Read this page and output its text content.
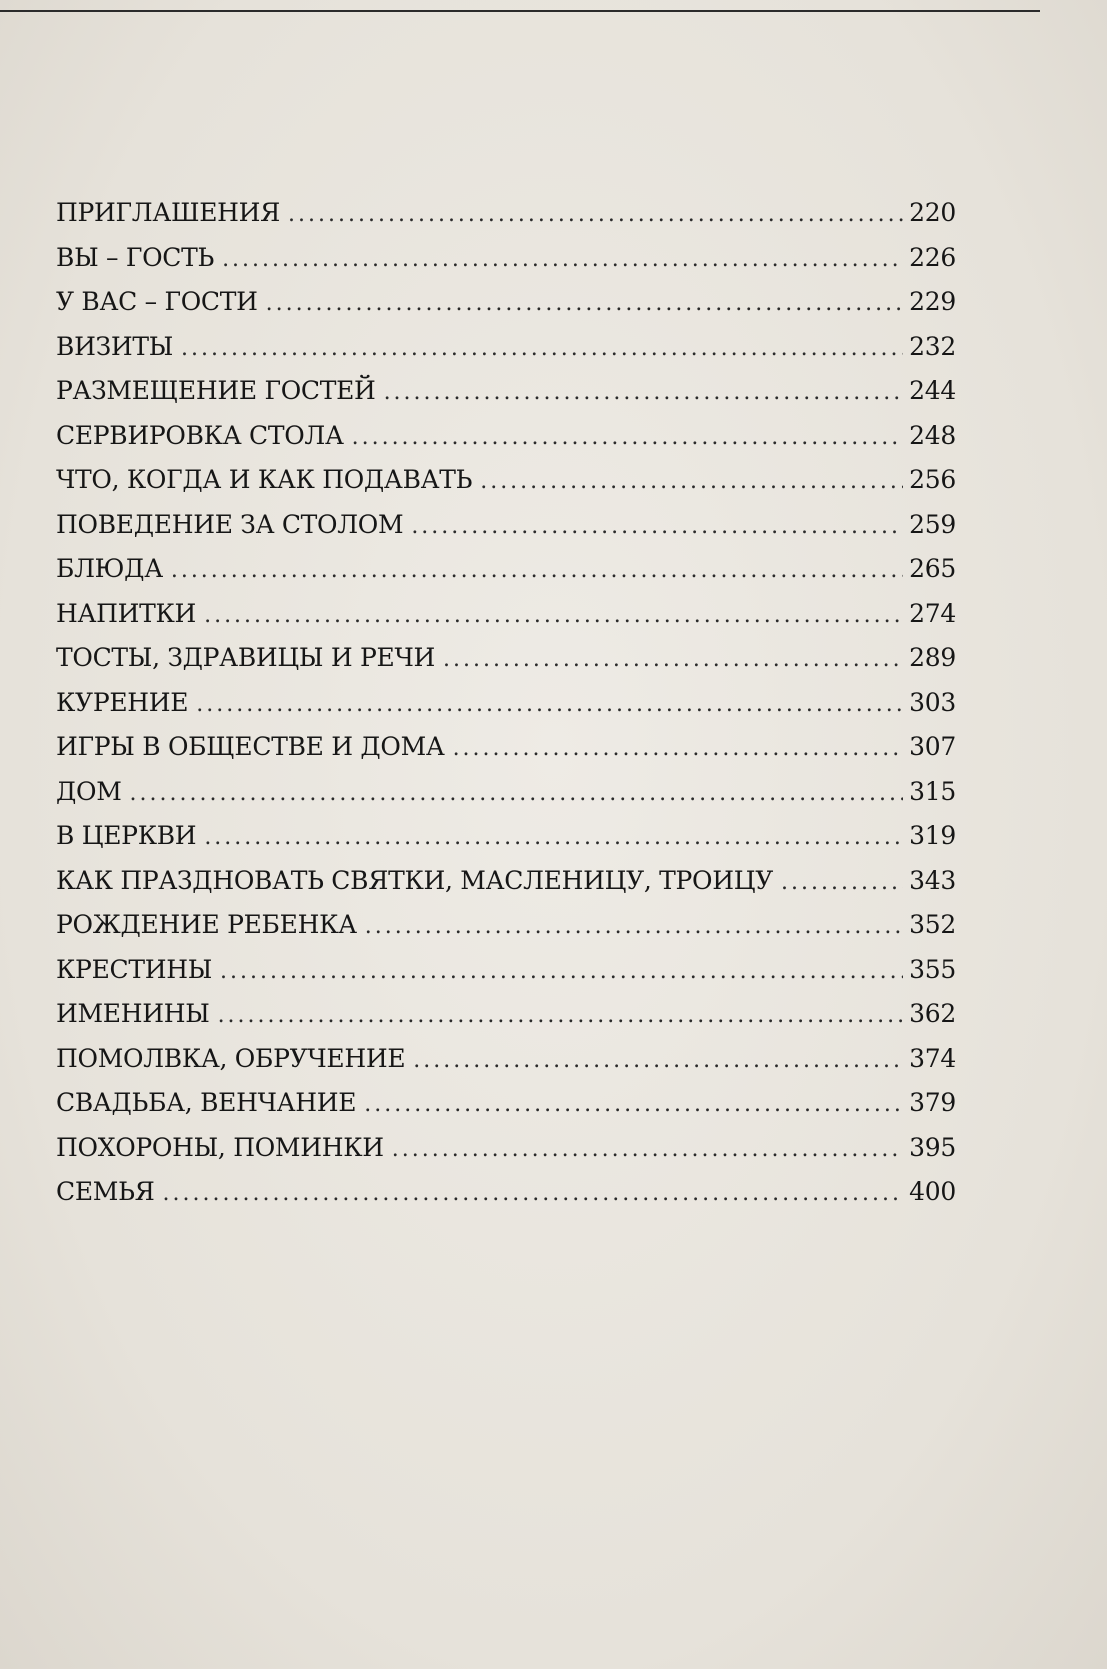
ПРИГЛАШЕНИЯ .....	220
ВЫ – ГОСТЬ .....	226
У ВАС – ГОСТИ .....	229
ВИЗИТЫ .....	232
РАЗМЕЩЕНИЕ ГОСТЕЙ .....	244
СЕРВИРОВКА СТОЛА .....	248
ЧТО, КОГДА И КАК ПОДАВАТЬ .....	256
ПОВЕДЕНИЕ ЗА СТОЛОМ .....	259
БЛЮДА .....	265
НАПИТКИ .....	274
ТОСТЫ, ЗДРАВИЦЫ И РЕЧИ .....	289
КУРЕНИЕ .....	303
ИГРЫ В ОБЩЕСТВЕ И ДОМА .....	307
ДОМ .....	315
В ЦЕРКВИ .....	319
КАК ПРАЗДНОВАТЬ СВЯТКИ, МАСЛЕНИЦУ, ТРОИЦУ .....	343
РОЖДЕНИЕ РЕБЕНКА .....	352
КРЕСТИНЫ .....	355
ИМЕНИНЫ .....	362
ПОМОЛВКА, ОБРУЧЕНИЕ .....	374
СВАДЬБА, ВЕНЧАНИЕ .....	379
ПОХОРОНЫ, ПОМИНКИ .....	395
СЕМЬЯ .....	400
